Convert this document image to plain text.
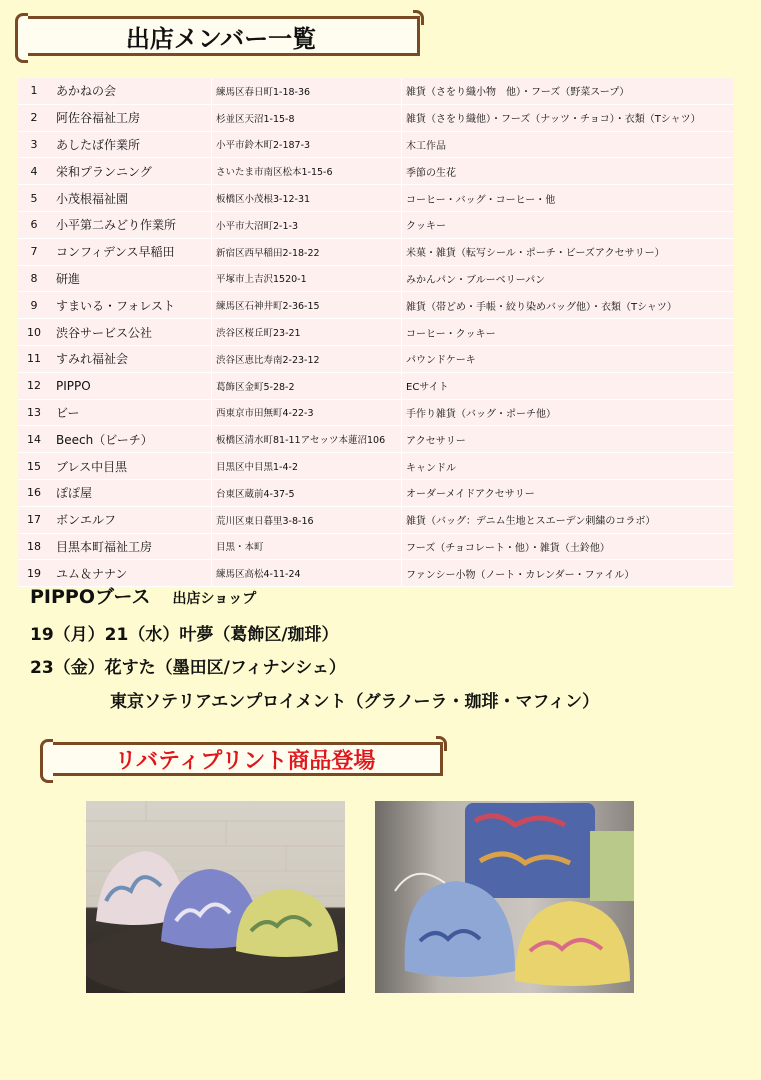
出店メンバー一覧
1	あかねの会	練馬区春日町1-18-36	雑貨（さをり織小物　他）・フーズ（野菜スープ）
2	阿佐谷福祉工房	杉並区天沼1-15-8	雑貨（さをり織他）・フーズ（ナッツ・チョコ）・衣類（Tシャツ）
3	あしたば作業所	小平市鈴木町2-187-3	木工作品
4	栄和プランニング	さいたま市南区松本1-15-6	季節の生花
5	小茂根福祉園	板橋区小茂根3-12-31	コーヒー・バッグ・コーヒー・他
6	小平第二みどり作業所	小平市大沼町2-1-3	クッキー
7	コンフィデンス早稲田	新宿区西早稲田2-18-22	米菓・雑貨（転写シール・ポーチ・ビーズアクセサリー）
8	研進	平塚市上吉沢1520-1	みかんパン・ブルーベリーパン
9	すまいる・フォレスト	練馬区石神井町2-36-15	雑貨（帯どめ・手帳・絞り染めバッグ他）・衣類（Tシャツ）
10	渋谷サービス公社	渋谷区桜丘町23-21	コーヒー・クッキー
11	すみれ福祉会	渋谷区恵比寿南2-23-12	パウンドケーキ
12	PIPPO	葛飾区金町5-28-2	ECサイト
13	ビー	西東京市田無町4-22-3	手作り雑貨（バッグ・ポーチ他）
14	Beech（ビーチ）	板橋区清水町81-11アセッツ本蓮沼106	アクセサリー
15	ブレス中目黒	目黒区中目黒1-4-2	キャンドル
16	ぽぽ屋	台東区蔵前4-37-5	オーダーメイドアクセサリー
17	ボンエルフ	荒川区東日暮里3-8-16	雑貨（バッグ：デニム生地とスエーデン刺繍のコラボ）
18	目黒本町福祉工房	目黒・本町	フーズ（チョコレート・他）・雑貨（土鈴他）
19	ユム＆ナナン	練馬区高松4-11-24	ファンシー小物（ノート・カレンダー・ファイル）
PIPPOブース 出店ショップ
19（月）21（水）叶夢（葛飾区/珈琲）
23（金）花すた（墨田区/フィナンシェ）
東京ソテリアエンプロイメント（グラノーラ・珈琲・マフィン）
リバティプリント商品登場
